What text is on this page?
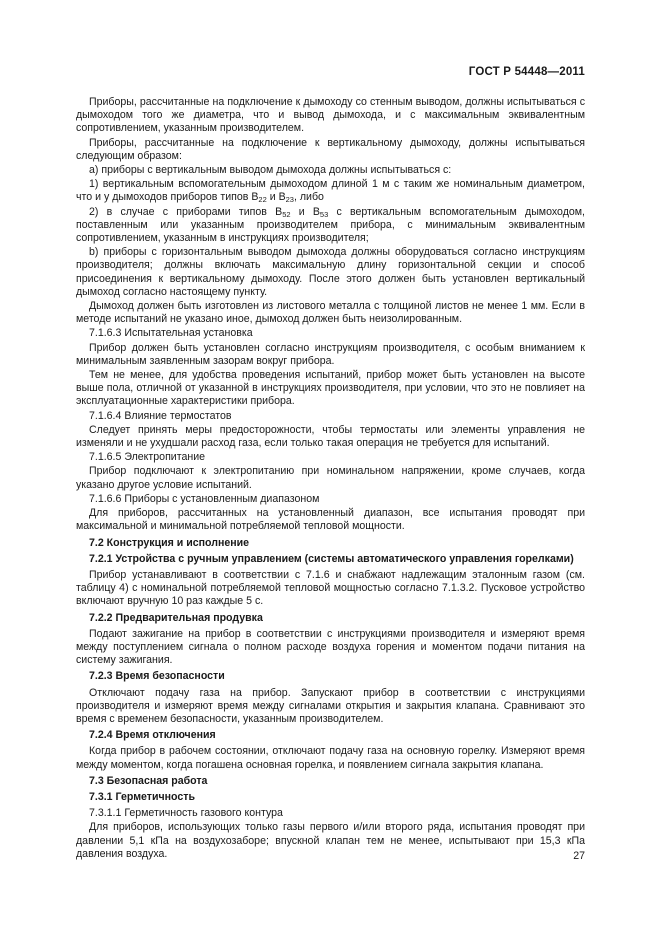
ГОСТ Р 54448—2011

Приборы, рассчитанные на подключение к дымоходу со стенным выводом, должны испытываться с дымоходом того же диаметра, что и вывод дымохода, и с максимальным эквивалентным сопротивлением, указанным производителем.

Приборы, рассчитанные на подключение к вертикальному дымоходу, должны испытываться следующим образом:

a) приборы с вертикальным выводом дымохода должны испытываться с:

1) вертикальным вспомогательным дымоходом длиной 1 м с таким же номинальным диаметром, что и у дымоходов приборов типов $B_{22}$ и $B_{23}$, либо

2) в случае с приборами типов $B_{52}$ и $B_{53}$ с вертикальным вспомогательным дымоходом, поставленным или указанным производителем прибора, с минимальным эквивалентным сопротивлением, указанным в инструкциях производителя;

b) приборы с горизонтальным выводом дымохода должны оборудоваться согласно инструкциям производителя; должны включать максимальную длину горизонтальной секции и способ присоединения к вертикальному дымоходу. После этого должен быть установлен вертикальный дымоход согласно настоящему пункту.

Дымоход должен быть изготовлен из листового металла с толщиной листов не менее 1 мм. Если в методе испытаний не указано иное, дымоход должен быть неизолированным.

7.1.6.3 Испытательная установка

Прибор должен быть установлен согласно инструкциям производителя, с особым вниманием к минимальным заявленным зазорам вокруг прибора.

Тем не менее, для удобства проведения испытаний, прибор может быть установлен на высоте выше пола, отличной от указанной в инструкциях производителя, при условии, что это не повлияет на эксплуатационные характеристики прибора.

7.1.6.4 Влияние термостатов

Следует принять меры предосторожности, чтобы термостаты или элементы управления не изменяли и не ухудшали расход газа, если только такая операция не требуется для испытаний.

7.1.6.5 Электропитание

Прибор подключают к электропитанию при номинальном напряжении, кроме случаев, когда указано другое условие испытаний.

7.1.6.6 Приборы с установленным диапазоном

Для приборов, рассчитанных на установленный диапазон, все испытания проводят при максимальной и минимальной потребляемой тепловой мощности.

7.2 Конструкция и исполнение

7.2.1 Устройства с ручным управлением (системы автоматического управления горелками)

Прибор устанавливают в соответствии с 7.1.6 и снабжают надлежащим эталонным газом (см. таблицу 4) с номинальной потребляемой тепловой мощностью согласно 7.1.3.2. Пусковое устройство включают вручную 10 раз каждые 5 с.

7.2.2 Предварительная продувка

Подают зажигание на прибор в соответствии с инструкциями производителя и измеряют время между поступлением сигнала о полном расходе воздуха горения и моментом подачи питания на систему зажигания.

7.2.3 Время безопасности

Отключают подачу газа на прибор. Запускают прибор в соответствии с инструкциями производителя и измеряют время между сигналами открытия и закрытия клапана. Сравнивают это время с временем безопасности, указанным производителем.

7.2.4 Время отключения

Когда прибор в рабочем состоянии, отключают подачу газа на основную горелку. Измеряют время между моментом, когда погашена основная горелка, и появлением сигнала закрытия клапана.

7.3 Безопасная работа

7.3.1 Герметичность

7.3.1.1 Герметичность газового контура

Для приборов, использующих только газы первого и/или второго ряда, испытания проводят при давлении 5,1 кПа на воздухозаборе; впускной клапан тем не менее, испытывают при 15,3 кПа давления воздуха.	27
